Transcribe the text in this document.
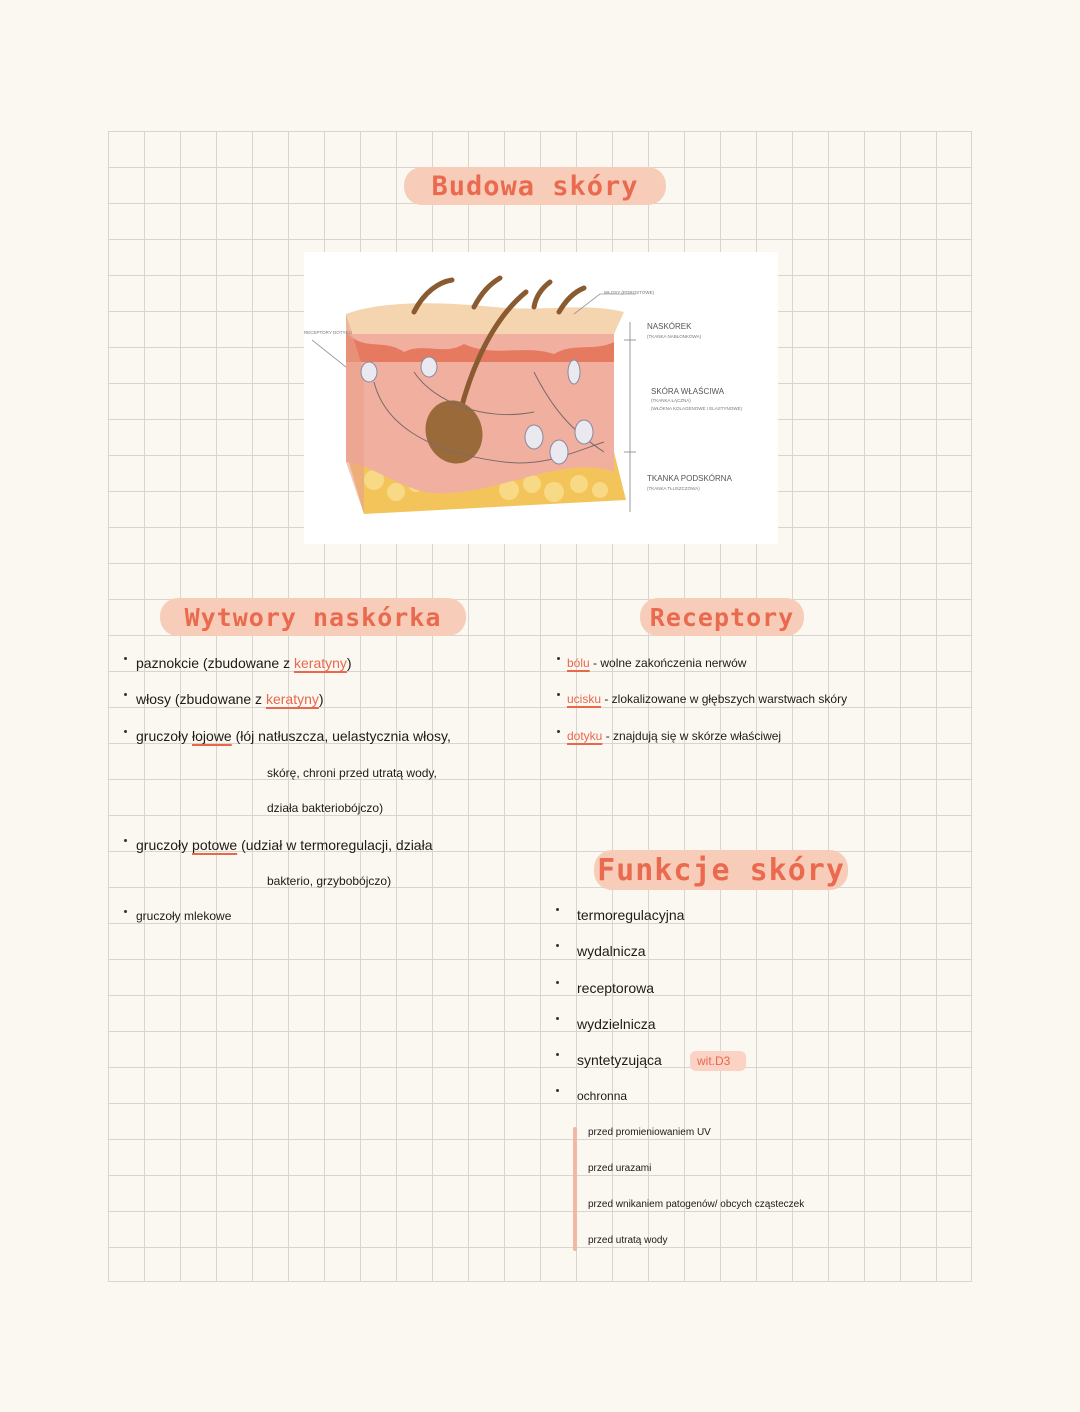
Budowa skóry
WŁOSY (POROSTOWE)
RECEPTORY DOTYKU
NASKÓREK
(TKANKA NABŁONKOWA)
SKÓRA WŁAŚCIWA
(TKANKA ŁĄCZNA)
(WŁÓKNA KOLAGENOWE I ELASTYNOWE)
TKANKA PODSKÓRNA
(TKANKA TŁUSZCZOWA)
Wytwory naskórka
paznokcie (zbudowane z keratyny)
włosy (zbudowane z keratyny)
gruczoły łojowe (łój natłuszcza, uelastycznia włosy,
skórę, chroni przed utratą wody,
działa bakteriobójczo)
gruczoły potowe (udział w termoregulacji, działa
bakterio, grzybobójczo)
gruczoły mlekowe
Receptory
bólu - wolne zakończenia nerwów
ucisku - zlokalizowane w głębszych warstwach skóry
dotyku - znajdują się w skórze właściwej
Funkcje skóry
termoregulacyjna
wydalnicza
receptorowa
wydzielnicza
syntetyzująca	wit.D3
ochronna
przed promieniowaniem UV
przed urazami
przed wnikaniem patogenów/ obcych cząsteczek
przed utratą wody
